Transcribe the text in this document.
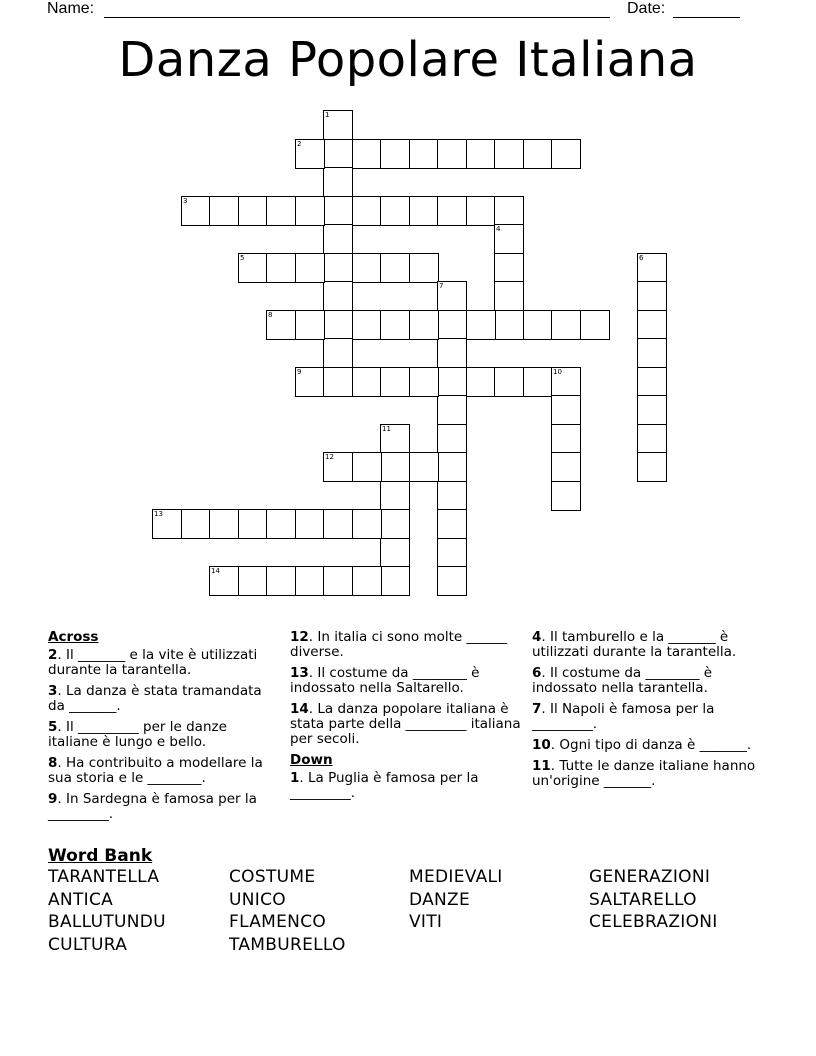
Name:	Date:
Danza Popolare Italiana
1
2
3
4
5	6
7
8
9	10
11
12
13
14
Across
2. Il _______ e la vite è utilizzati durante la tarantella.
3. La danza è stata tramandata da _______.
5. Il _________ per le danze italiane è lungo e bello.
8. Ha contribuito a modellare la sua storia e le ________.
9. In Sardegna è famosa per la _________.
12. In italia ci sono molte ______ diverse.
13. Il costume da ________ è indossato nella Saltarello.
14. La danza popolare italiana è stata parte della _________ italiana per secoli.
Down
1. La Puglia è famosa per la _________.
4. Il tamburello e la _______ è utilizzati durante la tarantella.
6. Il costume da ________ è indossato nella tarantella.
7. Il Napoli è famosa per la _________.
10. Ogni tipo di danza è _______.
11. Tutte le danze italiane hanno un'origine _______.
Word Bank
TARANTELLA	COSTUME	MEDIEVALI	GENERAZIONI
ANTICA	UNICO	DANZE	SALTARELLO
BALLUTUNDU	FLAMENCO	VITI	CELEBRAZIONI
CULTURA	TAMBURELLO
